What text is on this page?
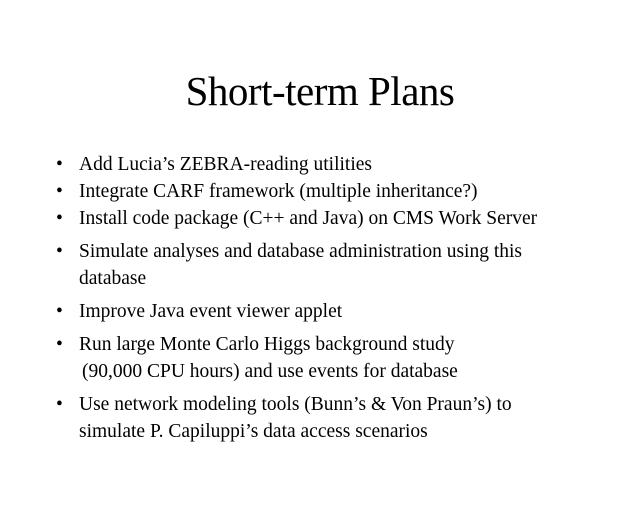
Short-term Plans
• Add Lucia’s ZEBRA-reading utilities
• Integrate CARF framework (multiple inheritance?)
• Install code package (C++ and Java) on CMS Work Server
• Simulate analyses and database administration using this
database
• Improve Java event viewer applet
• Run large Monte Carlo Higgs background study
(90,000 CPU hours) and use events for database
• Use network modeling tools (Bunn’s & Von Praun’s) to
simulate P. Capiluppi’s data access scenarios
